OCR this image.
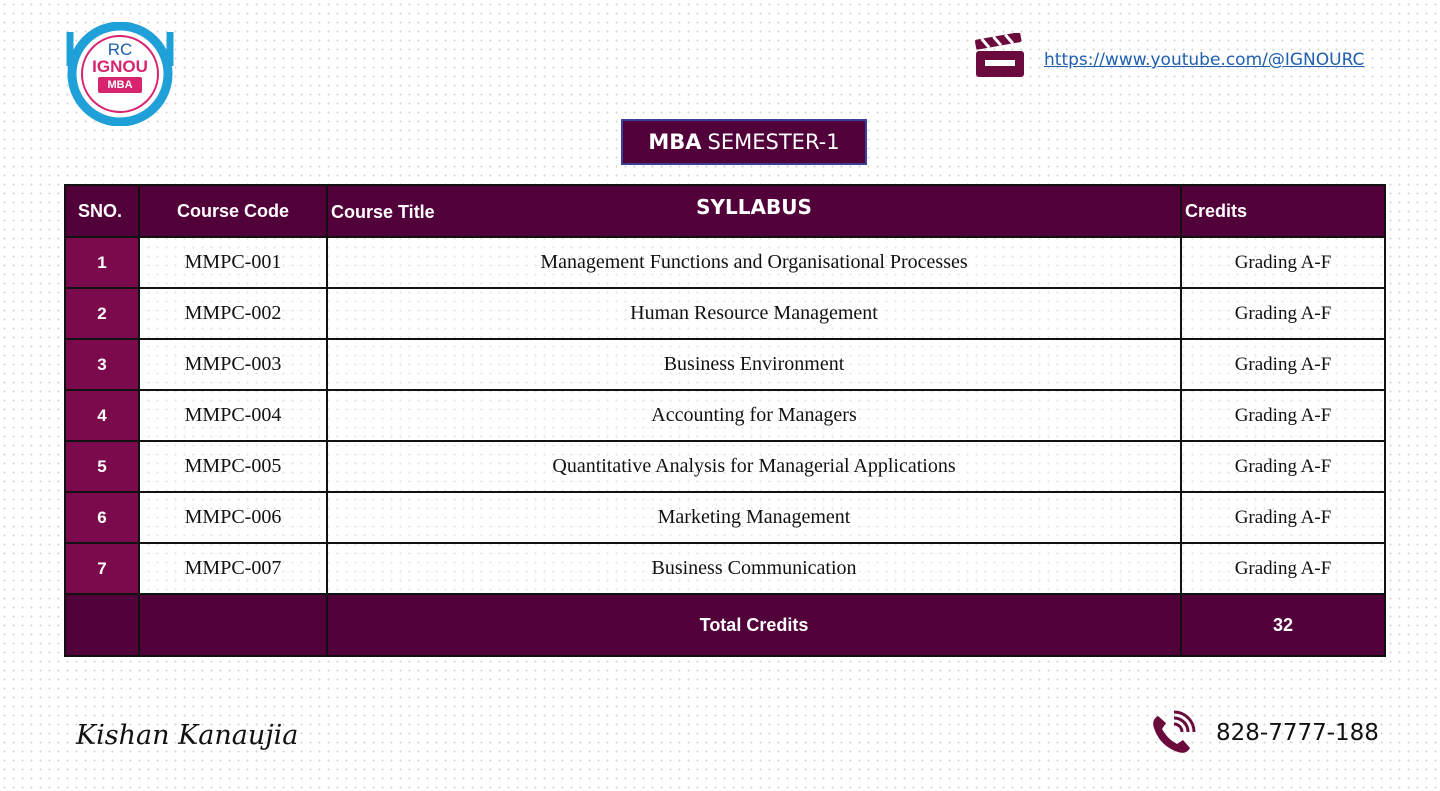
RC
IGNOU
MBA
https://www.youtube.com/@IGNOURC
MBA SEMESTER-1
SNO.	Course Code	Course Title SYLLABUS	Credits
1	MMPC-001	Management Functions and Organisational Processes	Grading A-F
2	MMPC-002	Human Resource Management	Grading A-F
3	MMPC-003	Business Environment	Grading A-F
4	MMPC-004	Accounting for Managers	Grading A-F
5	MMPC-005	Quantitative Analysis for Managerial Applications	Grading A-F
6	MMPC-006	Marketing Management	Grading A-F
7	MMPC-007	Business Communication	Grading A-F
		Total Credits	32
Kishan Kanaujia	828-7777-188
